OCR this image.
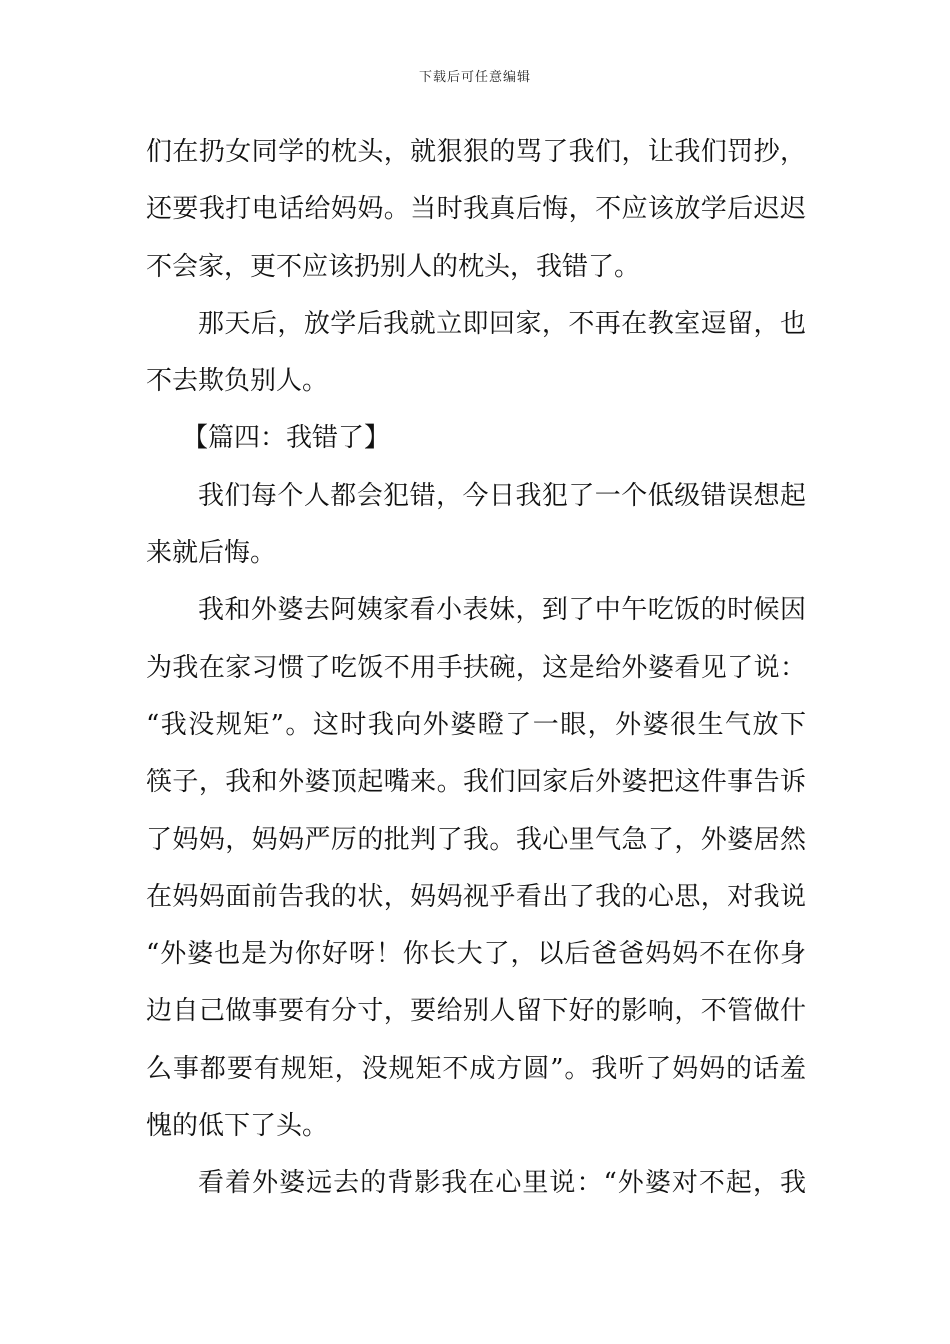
下载后可任意编辑
们在扔女同学的枕头，就狠狠的骂了我们，让我们罚抄，
还要我打电话给妈妈。当时我真后悔，不应该放学后迟迟
不会家，更不应该扔别人的枕头，我错了。
那天后，放学后我就立即回家，不再在教室逗留，也
不去欺负别人。
【篇四：我错了】
我们每个人都会犯错，今日我犯了一个低级错误想起
来就后悔。
我和外婆去阿姨家看小表妹，到了中午吃饭的时候因
为我在家习惯了吃饭不用手扶碗，这是给外婆看见了说：
“我没规矩”。这时我向外婆瞪了一眼，外婆很生气放下
筷子，我和外婆顶起嘴来。我们回家后外婆把这件事告诉
了妈妈，妈妈严厉的批判了我。我心里气急了，外婆居然
在妈妈面前告我的状，妈妈视乎看出了我的心思，对我说
“外婆也是为你好呀！你长大了，以后爸爸妈妈不在你身
边自己做事要有分寸，要给别人留下好的影响，不管做什
么事都要有规矩，没规矩不成方圆”。我听了妈妈的话羞
愧的低下了头。
看着外婆远去的背影我在心里说：“外婆对不起，我
